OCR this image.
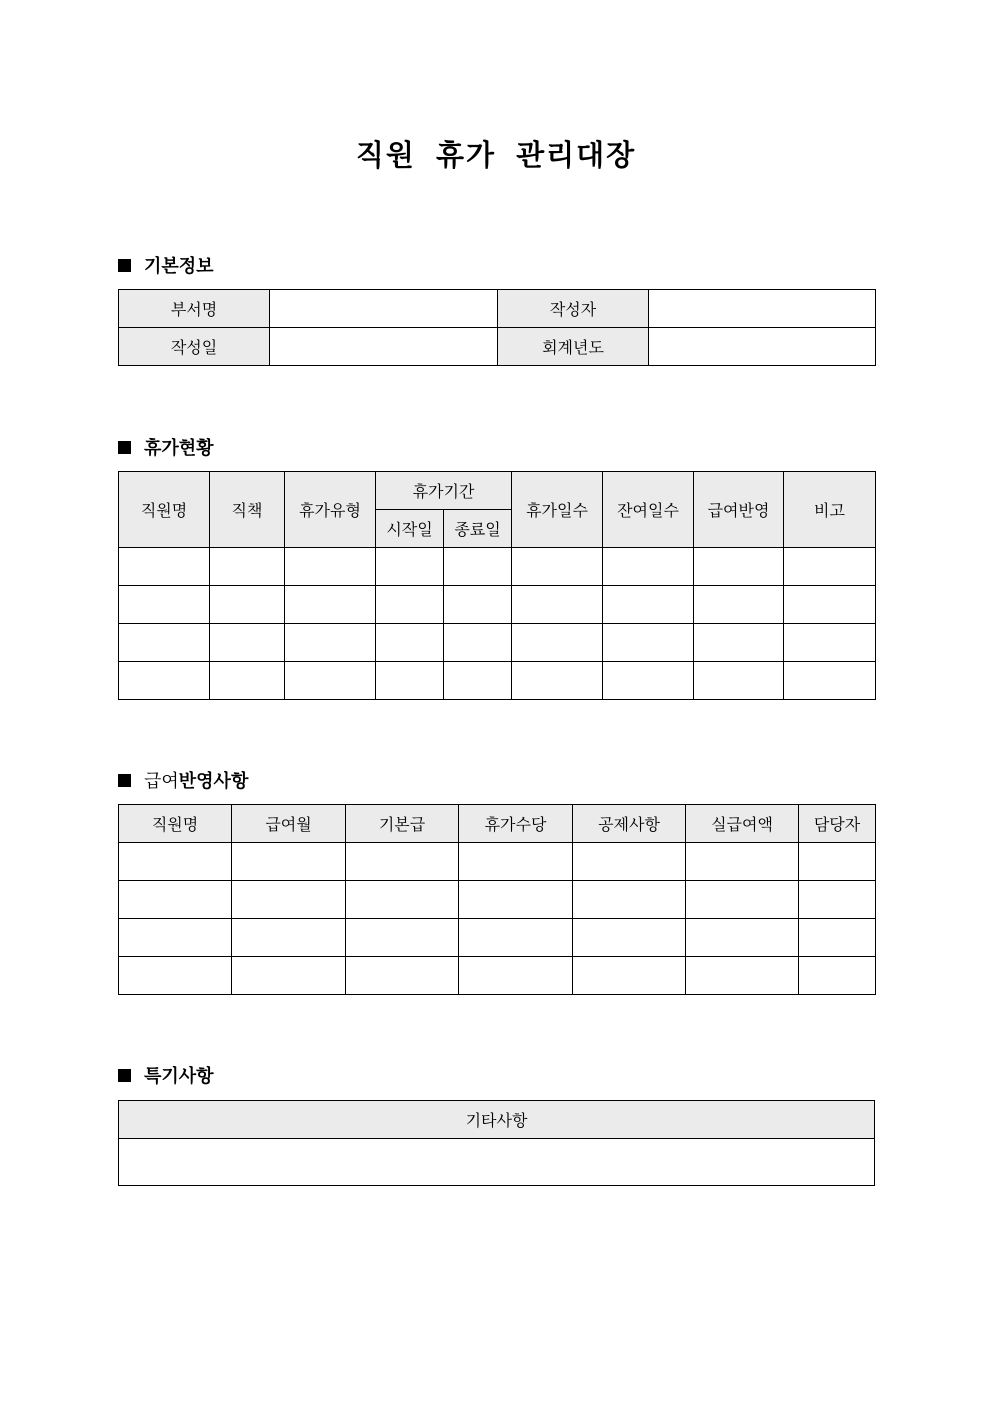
직원 휴가 관리대장
기본정보
부서명		작성자	
작성일		회계년도	
휴가현황
직원명	직책	휴가유형	휴가기간		휴가일수	잔여일수	급여반영	비고
			시작일	종료일				

급여 반영사항
직원명	급여월	기본급	휴가수당	공제사항	실급여액	담당자

특기사항
기타사항
